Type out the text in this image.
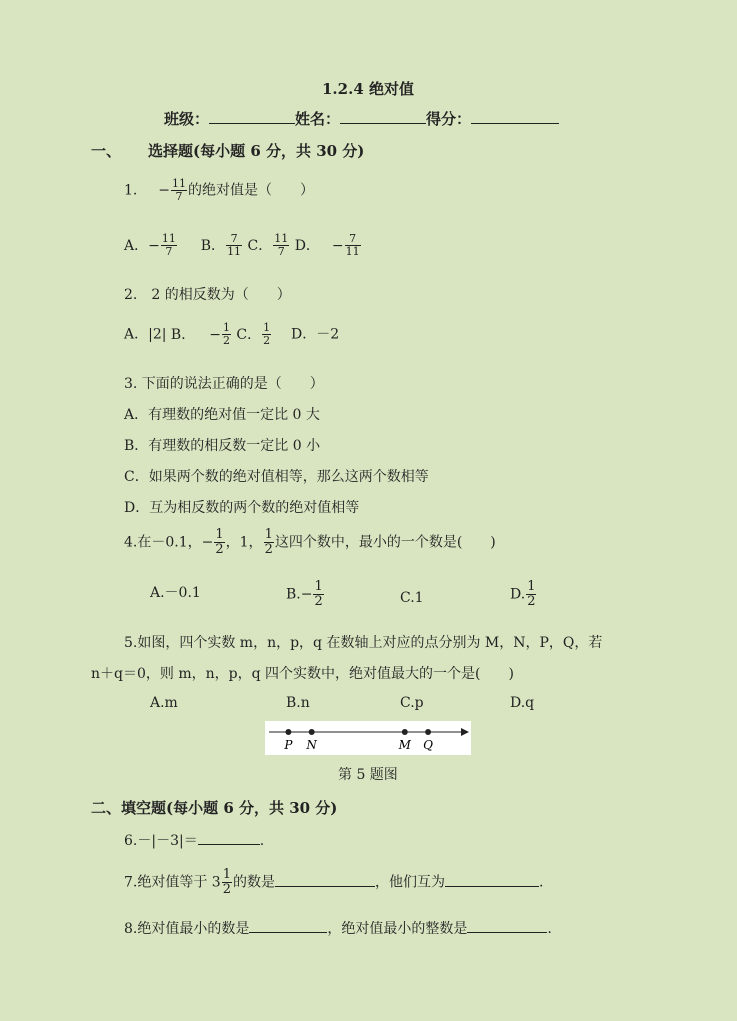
1.2.4 绝对值
班级：	姓名：	得分：
一、 选择题(每小题 6 分，共 30 分)
1. − $\frac{11}{7}$ 的绝对值是（　　）
A．− $\frac{11}{7}$ B． $\frac{7}{11}$ C． $\frac{11}{7}$ D． − $\frac{7}{11}$
2.　2 的相反数为（　　）
A．|2| B． − $\frac{1}{2}$ C． $\frac{1}{2}$ D．－2
3. 下面的说法正确的是（　　）
A．有理数的绝对值一定比 0 大
B．有理数的相反数一定比 0 小
C．如果两个数的绝对值相等，那么这两个数相等
D．互为相反数的两个数的绝对值相等
4.在－0.1，− $\frac{1}{2}$ ，1， $\frac{1}{2}$ 这四个数中，最小的一个数是(　　)
A.－0.1	$B.- \frac{1}{2}$	C.1	D. $\frac{1}{2}$
5.如图，四个实数 m，n，p，q 在数轴上对应的点分别为 M，N，P，Q，若
n＋q＝0，则 m，n，p，q 四个实数中，绝对值最大的一个是(　　)
A.m	B.n	C.p	D.q
P N	M Q
第 5 题图
二、填空题(每小题 6 分，共 30 分)
6.－|－3|＝	.
7.绝对值等于 $3 \frac{1}{2}$ 的数是	，他们互为	.
8.绝对值最小的数是	，绝对值最小的整数是	.
